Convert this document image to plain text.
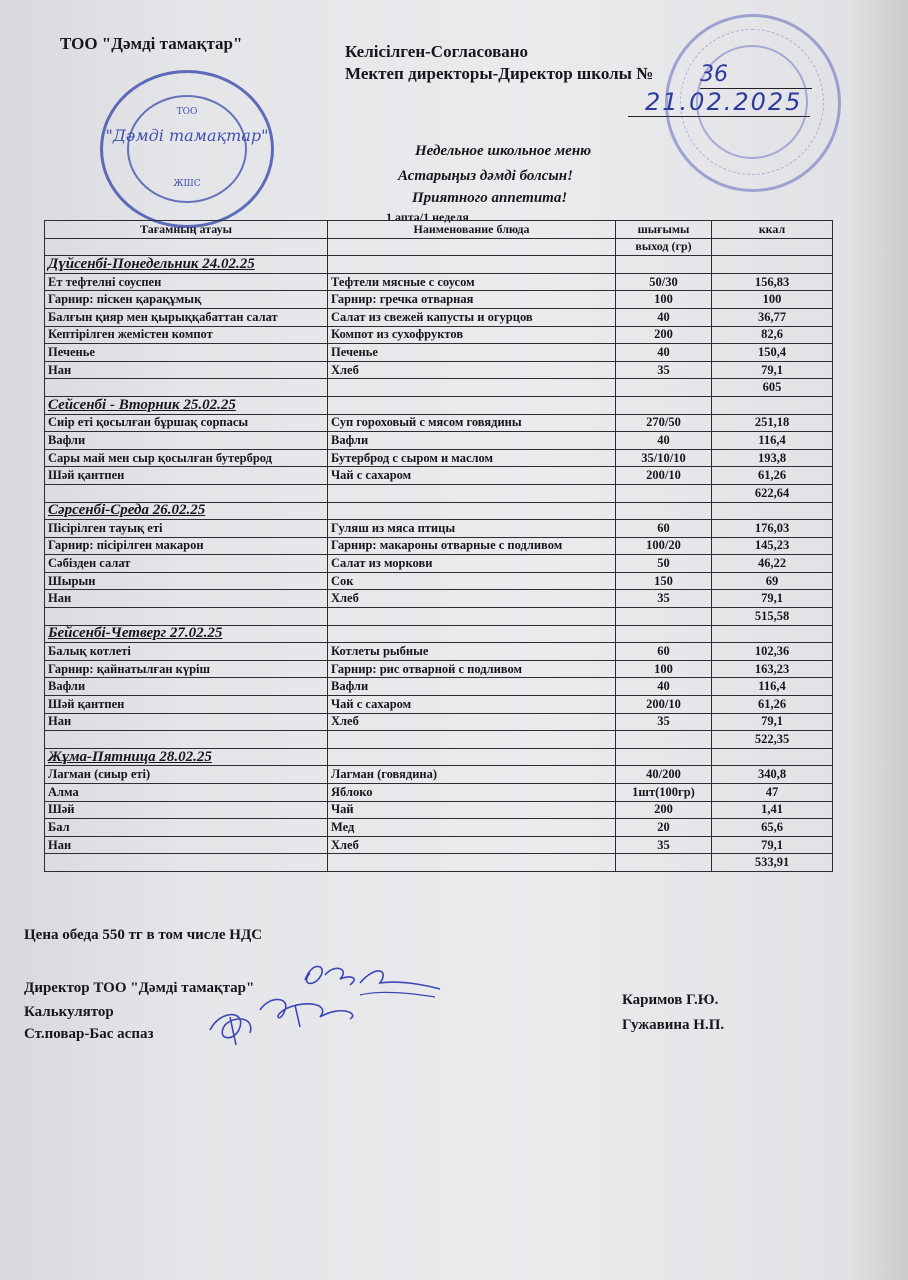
ТОО "Дәмді тамақтар"	Келісілген-Согласовано
Мектеп директоры-Директор школы № 36
21.02.2025
ТОО
"Дәмді тамақтар"
ЖШС
Недельное школьное меню
Астарыңыз дәмді болсын!
Приятного аппетита!
1 апта/1 неделя
Тағамның атауы	Наименование блюда	шығымы	ккал
		выход (гр)	
Дүйсенбі-Понедельник 24.02.25			
Ет тефтелні соуспен	Тефтели мясные с соусом	50/30	156,83
Гарнир: піскен қарақұмық	Гарнир: гречка отварная	100	100
Балғын қияр мен қырыққабаттан салат	Салат из свежей капусты и огурцов	40	36,77
Кептірілген жемістен компот	Компот из сухофруктов	200	82,6
Печенье	Печенье	40	150,4
Нан	Хлеб	35	79,1
			605
Сейсенбі - Вторник 25.02.25			
Сиір еті қосылған бұршақ сорпасы	Суп гороховый с мясом говядины	270/50	251,18
Вафли	Вафли	40	116,4
Сары май мен сыр қосылған бутерброд	Бутерброд с сыром и маслом	35/10/10	193,8
Шәй қантпен	Чай с сахаром	200/10	61,26
			622,64
Сәрсенбі-Среда 26.02.25			
Пісірілген тауық еті	Гуляш из мяса птицы	60	176,03
Гарнир: пісірілген макарон	Гарнир: макароны отварные с подливом	100/20	145,23
Сәбізден салат	Салат из моркови	50	46,22
Шырын	Сок	150	69
Нан	Хлеб	35	79,1
			515,58
Бейсенбі-Четверг 27.02.25			
Балық котлеті	Котлеты рыбные	60	102,36
Гарнир: қайнатылған күріш	Гарнир: рис отварной с подливом	100	163,23
Вафли	Вафли	40	116,4
Шәй қантпен	Чай с сахаром	200/10	61,26
Нан	Хлеб	35	79,1
			522,35
Жұма-Пятница 28.02.25			
Лагман (сиыр еті)	Лагман (говядина)	40/200	340,8
Алма	Яблоко	1шт(100гр)	47
Шәй	Чай	200	1,41
Бал	Мед	20	65,6
Нан	Хлеб	35	79,1
			533,91
Цена обеда 550 тг в том числе НДС
Директор ТОО "Дәмді тамақтар"
Калькулятор
Ст.повар-Бас аспаз
Каримов Г.Ю.
Гужавина Н.П.
